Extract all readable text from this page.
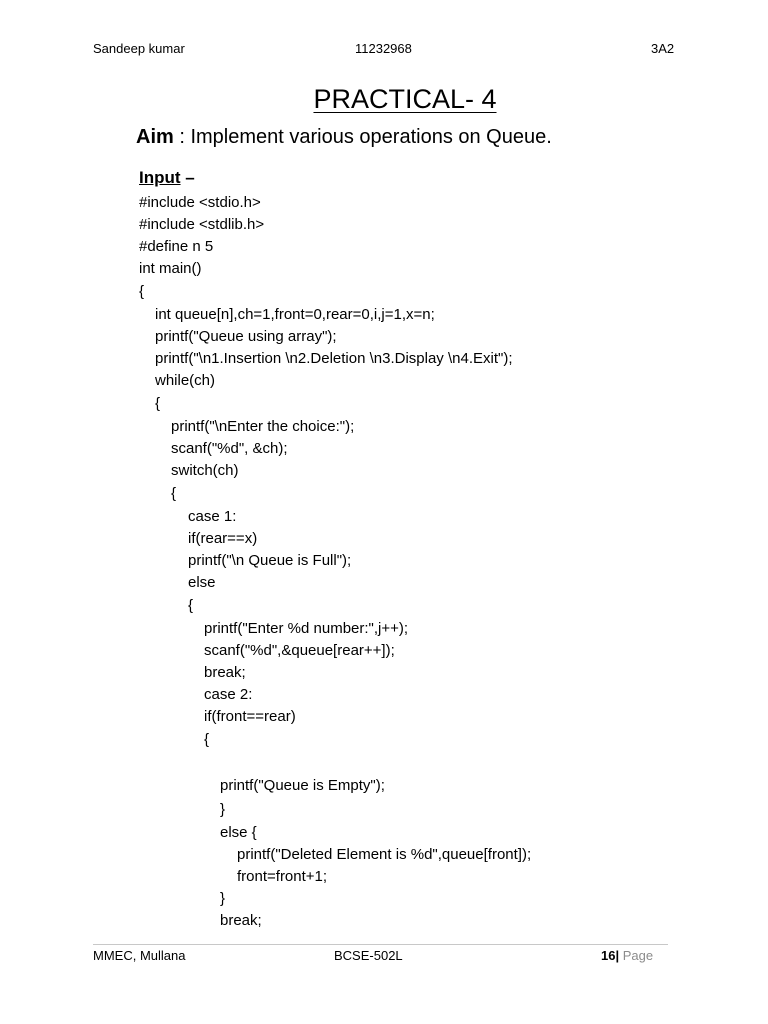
Sandeep kumar	11232968	3A2
PRACTICAL- 4
Aim : Implement various operations on Queue.
Input –
#include <stdio.h>
#include <stdlib.h>
#define n 5
int main()
{
int queue[n],ch=1,front=0,rear=0,i,j=1,x=n;
printf("Queue using array");
printf("\n1.Insertion \n2.Deletion \n3.Display \n4.Exit");
while(ch)
{
printf("\nEnter the choice:");
scanf("%d", &ch);
switch(ch)
{
case 1:
if(rear==x)
printf("\n Queue is Full");
else
{
printf("Enter %d number:",j++);
scanf("%d",&queue[rear++]);
break;
case 2:
if(front==rear)
{
printf("Queue is Empty");
}
else {
printf("Deleted Element is %d",queue[front]);
front=front+1;
}
break;
MMEC, Mullana	BCSE-502L	16| Page
